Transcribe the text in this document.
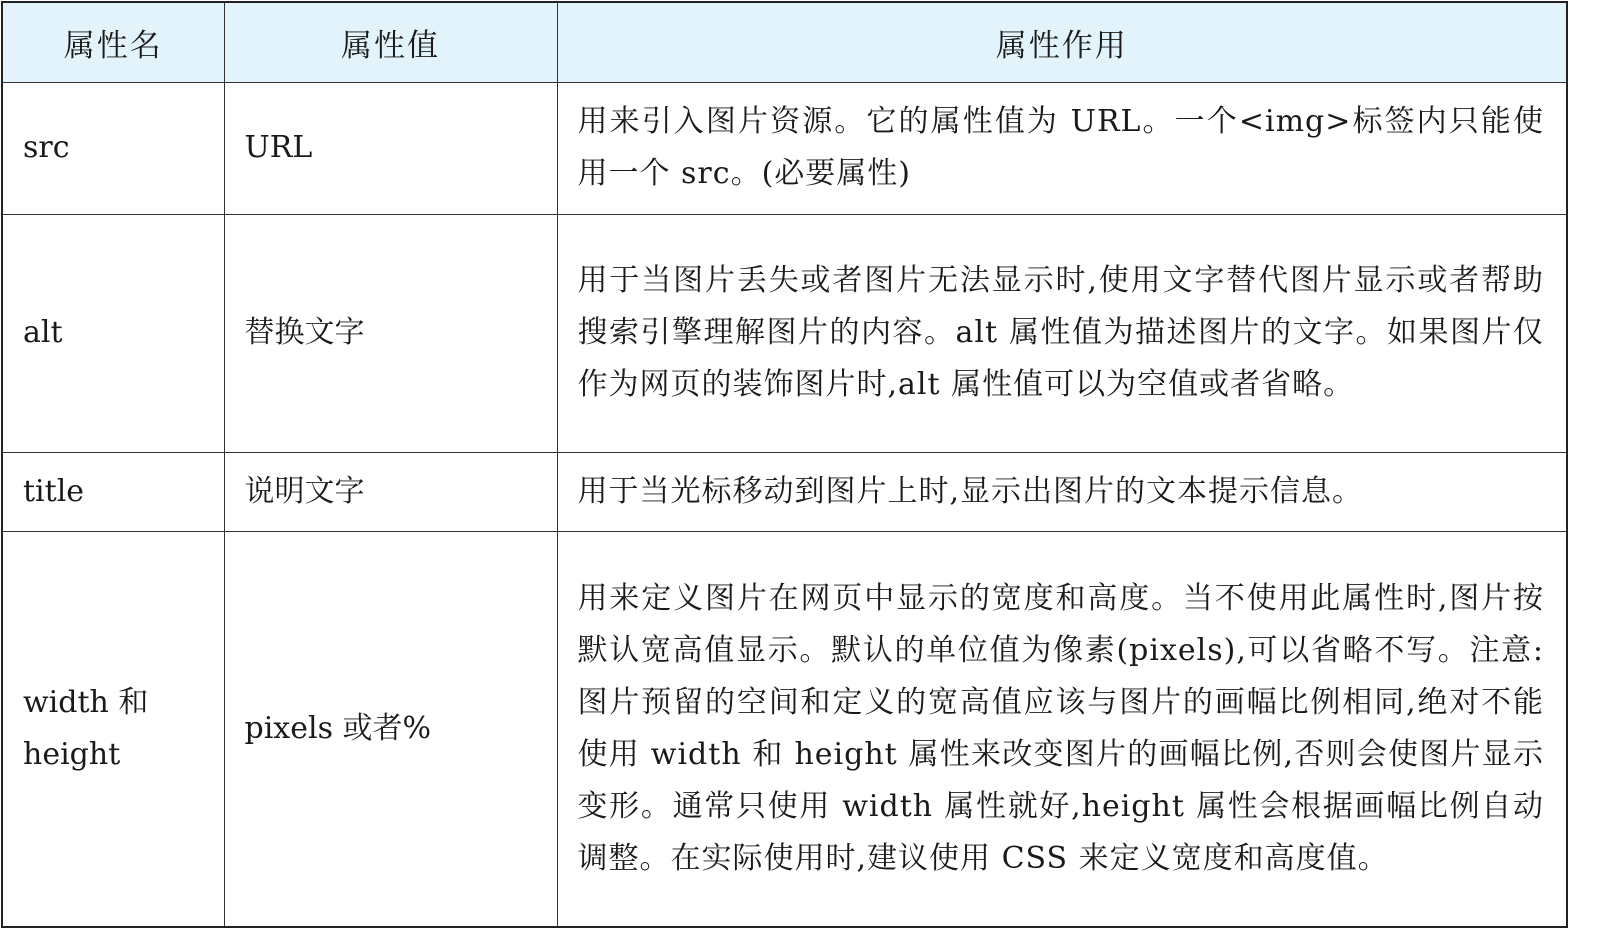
属性名	属性值	属性作用
src	URL	用来引入图片资源。它的属性值为 URL。一个<img>标签内只能使用一个 src。(必要属性)
alt	替换文字	用于当图片丢失或者图片无法显示时,使用文字替代图片显示或者帮助搜索引擎理解图片的内容。alt 属性值为描述图片的文字。如果图片仅作为网页的装饰图片时,alt 属性值可以为空值或者省略。
title	说明文字	用于当光标移动到图片上时,显示出图片的文本提示信息。
width 和 height	pixels 或者%	用来定义图片在网页中显示的宽度和高度。当不使用此属性时,图片按默认宽高值显示。默认的单位值为像素(pixels),可以省略不写。注意:图片预留的空间和定义的宽高值应该与图片的画幅比例相同,绝对不能使用 width 和 height 属性来改变图片的画幅比例,否则会使图片显示变形。通常只使用 width 属性就好,height 属性会根据画幅比例自动调整。在实际使用时,建议使用 CSS 来定义宽度和高度值。
